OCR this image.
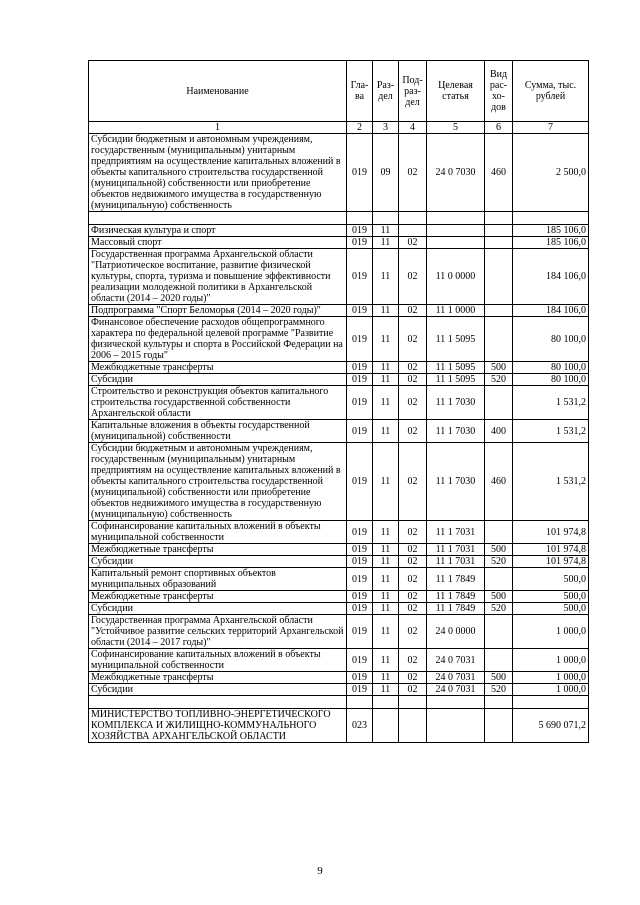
Наименование	Гла-ва	Раз-дел	Под-раз-дел	Целевая статья	Вид рас-хо-дов	Сумма, тыс. рублей
1	2	3	4	5	6	7
Субсидии бюджетным и автономным учреждениям, государственным (муниципальным) унитарным предприятиям на осуществление капитальных вложений в объекты капитального строительства государственной (муниципальной) собственности или приобретение объектов недвижимого имущества в государственную (муниципальную) собственность	019	09	02	24 0 7030	460	2 500,0

Физическая культура и спорт	019	11				185 106,0
Массовый спорт	019	11	02			185 106,0
Государственная программа Архангельской области "Патриотическое воспитание, развитие физической культуры, спорта, туризма и повышение эффективности реализации молодежной политики в Архангельской области (2014 – 2020 годы)"	019	11	02	11 0 0000		184 106,0
Подпрограмма "Спорт Беломорья (2014 – 2020 годы)"	019	11	02	11 1 0000		184 106,0
Финансовое обеспечение расходов общепрограммного характера по федеральной целевой программе "Развитие физической культуры и спорта в Российской Федерации на 2006 – 2015 годы"	019	11	02	11 1 5095		80 100,0
Межбюджетные трансферты	019	11	02	11 1 5095	500	80 100,0
Субсидии	019	11	02	11 1 5095	520	80 100,0
Строительство и реконструкция объектов капитального строительства государственной собственности Архангельской области	019	11	02	11 1 7030		1 531,2
Капитальные вложения в объекты государственной (муниципальной) собственности	019	11	02	11 1 7030	400	1 531,2
Субсидии бюджетным и автономным учреждениям, государственным (муниципальным) унитарным предприятиям на осуществление капитальных вложений в объекты капитального строительства государственной (муниципальной) собственности или приобретение объектов недвижимого имущества в государственную (муниципальную) собственность	019	11	02	11 1 7030	460	1 531,2
Софинансирование капитальных вложений в объекты муниципальной собственности	019	11	02	11 1 7031		101 974,8
Межбюджетные трансферты	019	11	02	11 1 7031	500	101 974,8
Субсидии	019	11	02	11 1 7031	520	101 974,8
Капитальный ремонт спортивных объектов муниципальных образований	019	11	02	11 1 7849		500,0
Межбюджетные трансферты	019	11	02	11 1 7849	500	500,0
Субсидии	019	11	02	11 1 7849	520	500,0
Государственная программа Архангельской области "Устойчивое развитие сельских территорий Архангельской области (2014 – 2017 годы)"	019	11	02	24 0 0000		1 000,0
Софинансирование капитальных вложений в объекты муниципальной собственности	019	11	02	24 0 7031		1 000,0
Межбюджетные трансферты	019	11	02	24 0 7031	500	1 000,0
Субсидии	019	11	02	24 0 7031	520	1 000,0

МИНИСТЕРСТВО ТОПЛИВНО-ЭНЕРГЕТИЧЕСКОГО КОМПЛЕКСА И ЖИЛИЩНО-КОММУНАЛЬНОГО ХОЗЯЙСТВА АРХАНГЕЛЬСКОЙ ОБЛАСТИ	023					5 690 071,2
9
